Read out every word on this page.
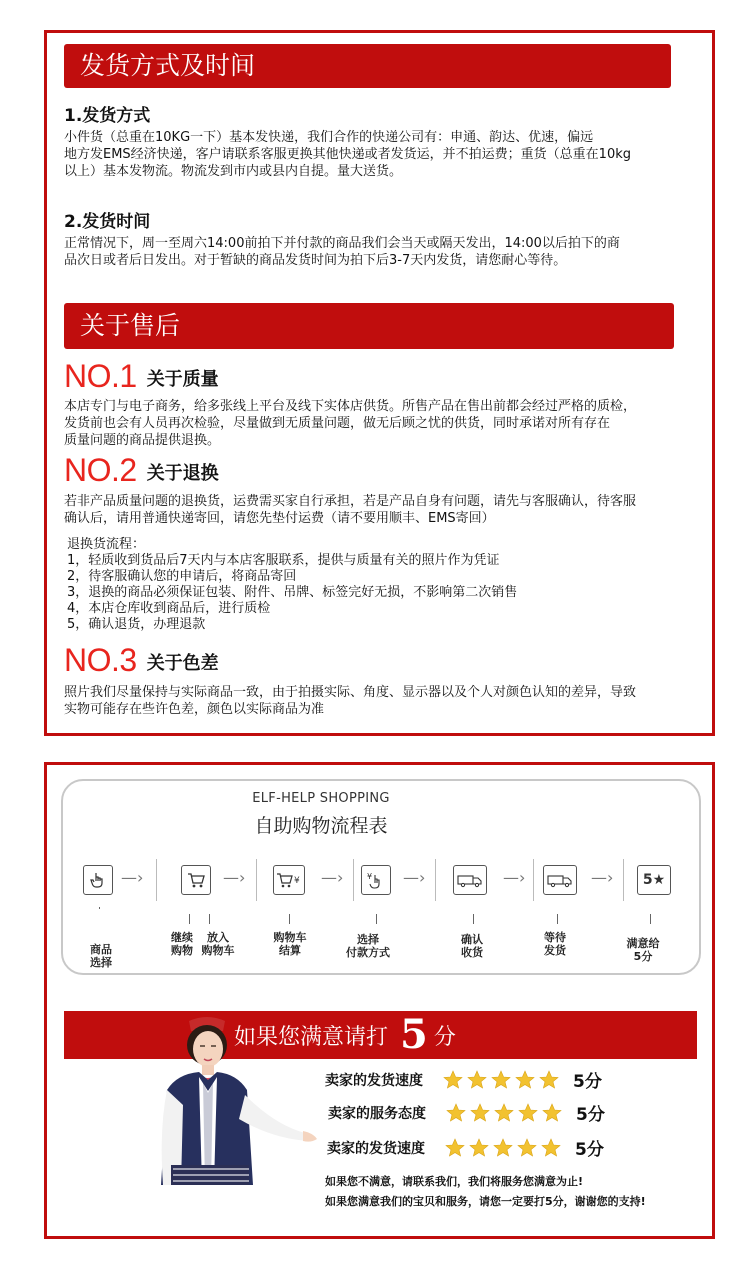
发货方式及时间
1.发货方式
小件货（总重在10KG一下）基本发快递，我们合作的快递公司有：申通、韵达、优速，偏远
地方发EMS经济快递，客户请联系客服更换其他快递或者发货运，并不拍运费；重货（总重在10kg
以上）基本发物流。物流发到市内或县内自提。量大送货。
2.发货时间
正常情况下，周一至周六14:00前拍下并付款的商品我们会当天或隔天发出，14:00以后拍下的商
品次日或者后日发出。对于暂缺的商品发货时间为拍下后3-7天内发货，请您耐心等待。
关于售后
NO.1 关于质量
本店专门与电子商务，给多张线上平台及线下实体店供货。所售产品在售出前都会经过严格的质检，
发货前也会有人员再次检验，尽量做到无质量问题，做无后顾之忧的供货，同时承诺对所有存在
质量问题的商品提供退换。
NO.2 关于退换
若非产品质量问题的退换货，运费需买家自行承担，若是产品自身有问题，请先与客服确认，待客服
确认后，请用普通快递寄回，请您先垫付运费（请不要用顺丰、EMS寄回）
退换货流程：
1，轻质收到货品后7天内与本店客服联系，提供与质量有关的照片作为凭证
2，待客服确认您的申请后，将商品寄回
3，退换的商品必须保证包装、附件、吊牌、标签完好无损，不影响第二次销售
4，本店仓库收到商品后，进行质检
5，确认退货，办理退款
NO.3 关于色差
照片我们尽量保持与实际商品一致，由于拍摄实际、角度、显示器以及个人对颜色认知的差异，导致
实物可能存在些许色差，颜色以实际商品为准
ELF-HELP SHOPPING
自助购物流程表
—›	—›	¥ —›	¥ —›	—›	—›	5★
商品
选择
继续
购物
放入
购物车
购物车
结算
选择
付款方式
确认
收货
等待
发货
满意给
5分
如果您满意请打 5 分
卖家的发货速度	5分
卖家的服务态度	5分
卖家的发货速度	5分
如果您不满意，请联系我们，我们将服务您满意为止!
如果您满意我们的宝贝和服务，请您一定要打5分，谢谢您的支持!
